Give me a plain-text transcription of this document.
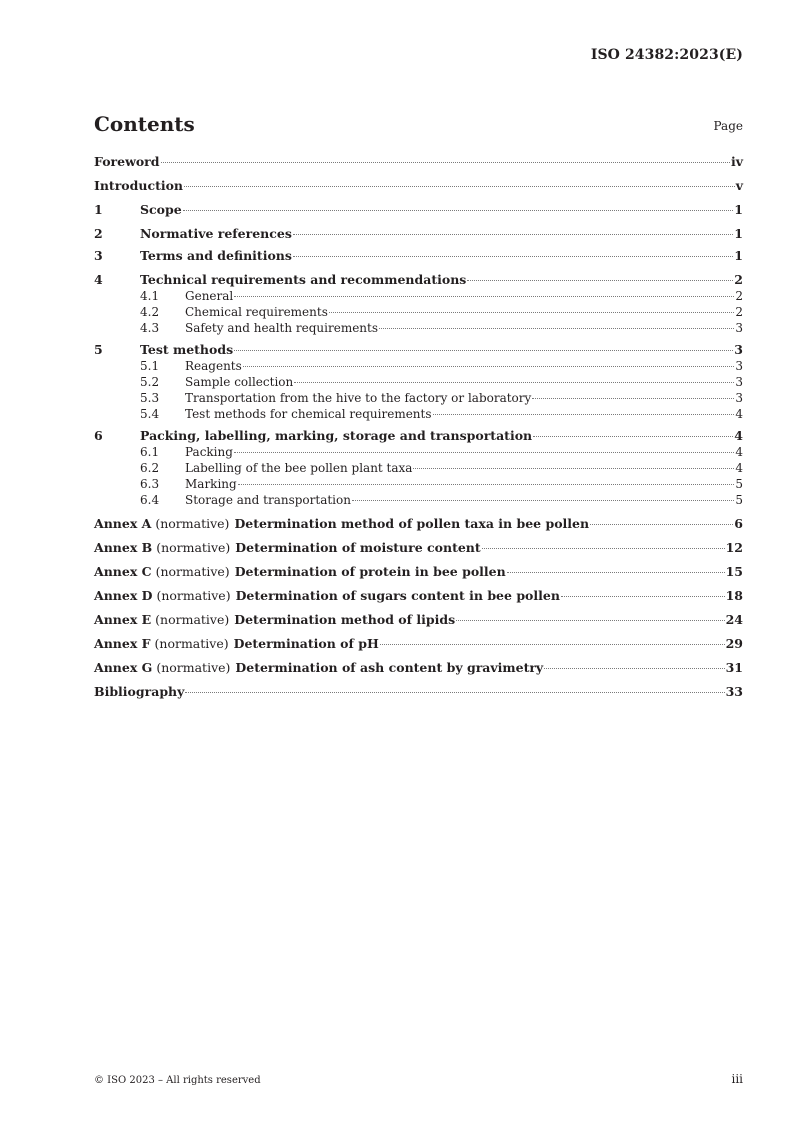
ISO 24382:2023(E)
Contents	Page
Foreword	iv
Introduction	v
1	Scope	1
2	Normative references	1
3	Terms and definitions	1
4	Technical requirements and recommendations	2
4.1	General	2
4.2	Chemical requirements	2
4.3	Safety and health requirements	3
5	Test methods	3
5.1	Reagents	3
5.2	Sample collection	3
5.3	Transportation from the hive to the factory or laboratory	3
5.4	Test methods for chemical requirements	4
6	Packing, labelling, marking, storage and transportation	4
6.1	Packing	4
6.2	Labelling of the bee pollen plant taxa	4
6.3	Marking	5
6.4	Storage and transportation	5
Annex A (normative) Determination method of pollen taxa in bee pollen	6
Annex B (normative) Determination of moisture content	12
Annex C (normative) Determination of protein in bee pollen	15
Annex D (normative) Determination of sugars content in bee pollen	18
Annex E (normative) Determination method of lipids	24
Annex F (normative) Determination of pH	29
Annex G (normative) Determination of ash content by gravimetry	31
Bibliography	33
© ISO 2023 – All rights reserved	iii
